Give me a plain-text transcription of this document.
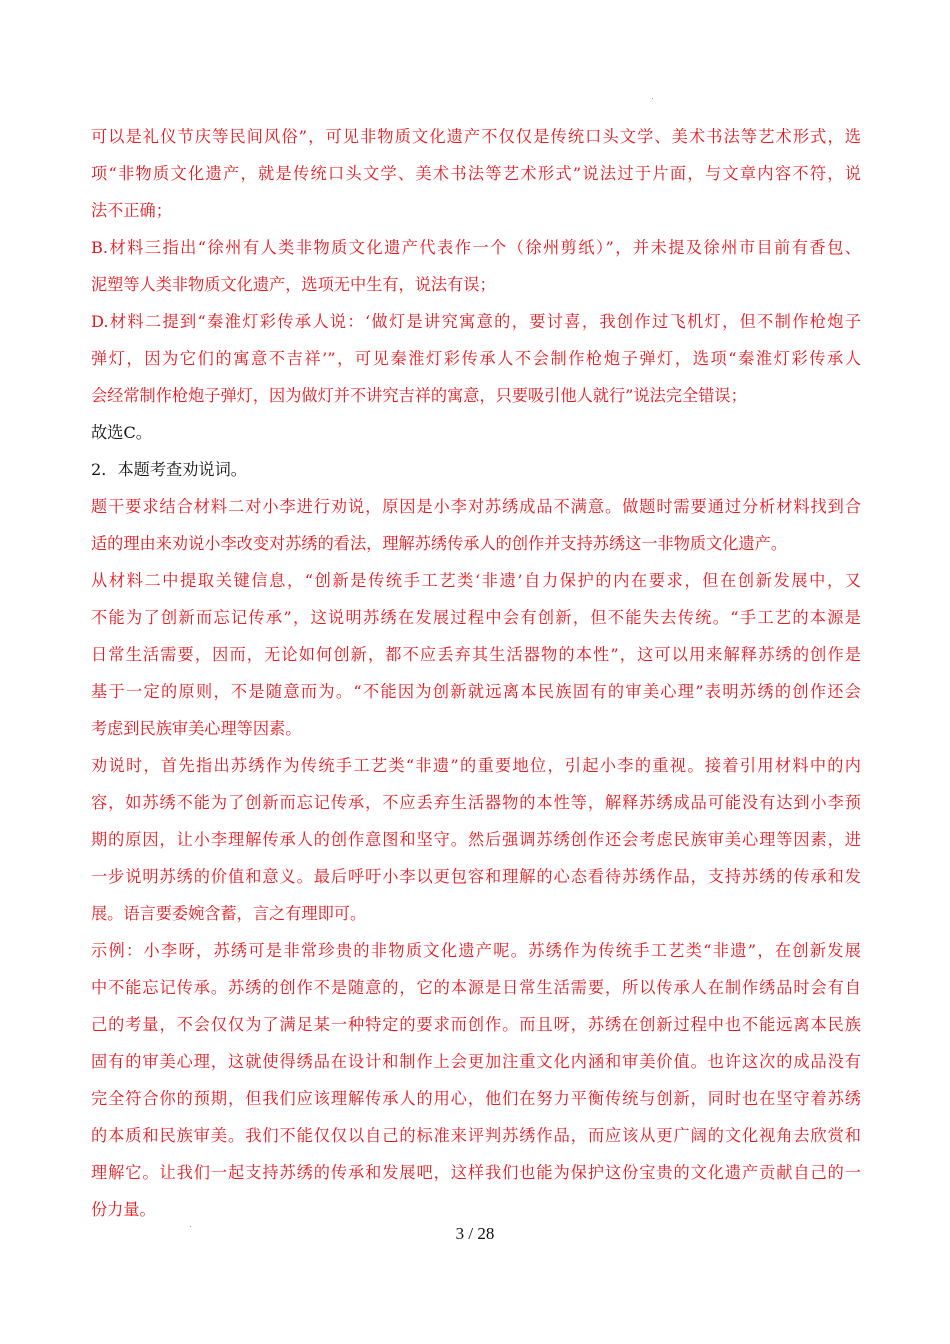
可以是礼仪节庆等民间风俗”，可见非物质文化遗产不仅仅是传统口头文学、美术书法等艺术形式，选
项“非物质文化遗产，就是传统口头文学、美术书法等艺术形式”说法过于片面，与文章内容不符，说
法不正确；
B.材料三指出“徐州有人类非物质文化遗产代表作一个（徐州剪纸）”，并未提及徐州市目前有香包、
泥塑等人类非物质文化遗产，选项无中生有，说法有误；
D.材料二提到“秦淮灯彩传承人说：‘做灯是讲究寓意的，要讨喜，我创作过飞机灯，但不制作枪炮子
弹灯，因为它们的寓意不吉祥’”，可见秦淮灯彩传承人不会制作枪炮子弹灯，选项“秦淮灯彩传承人
会经常制作枪炮子弹灯，因为做灯并不讲究吉祥的寓意，只要吸引他人就行”说法完全错误；
故选C。
2．本题考查劝说词。
题干要求结合材料二对小李进行劝说，原因是小李对苏绣成品不满意。做题时需要通过分析材料找到合
适的理由来劝说小李改变对苏绣的看法，理解苏绣传承人的创作并支持苏绣这一非物质文化遗产。
从材料二中提取关键信息，“创新是传统手工艺类‘非遗’自力保护的内在要求，但在创新发展中，又
不能为了创新而忘记传承”，这说明苏绣在发展过程中会有创新，但不能失去传统。“手工艺的本源是
日常生活需要，因而，无论如何创新，都不应丢弃其生活器物的本性”，这可以用来解释苏绣的创作是
基于一定的原则，不是随意而为。“不能因为创新就远离本民族固有的审美心理”表明苏绣的创作还会
考虑到民族审美心理等因素。
劝说时，首先指出苏绣作为传统手工艺类“非遗”的重要地位，引起小李的重视。接着引用材料中的内
容，如苏绣不能为了创新而忘记传承，不应丢弃生活器物的本性等，解释苏绣成品可能没有达到小李预
期的原因，让小李理解传承人的创作意图和坚守。然后强调苏绣创作还会考虑民族审美心理等因素，进
一步说明苏绣的价值和意义。最后呼吁小李以更包容和理解的心态看待苏绣作品，支持苏绣的传承和发
展。语言要委婉含蓄，言之有理即可。
示例：小李呀，苏绣可是非常珍贵的非物质文化遗产呢。苏绣作为传统手工艺类“非遗”，在创新发展
中不能忘记传承。苏绣的创作不是随意的，它的本源是日常生活需要，所以传承人在制作绣品时会有自
己的考量，不会仅仅为了满足某一种特定的要求而创作。而且呀，苏绣在创新过程中也不能远离本民族
固有的审美心理，这就使得绣品在设计和制作上会更加注重文化内涵和审美价值。也许这次的成品没有
完全符合你的预期，但我们应该理解传承人的用心，他们在努力平衡传统与创新，同时也在坚守着苏绣
的本质和民族审美。我们不能仅仅以自己的标准来评判苏绣作品，而应该从更广阔的文化视角去欣赏和
理解它。让我们一起支持苏绣的传承和发展吧，这样我们也能为保护这份宝贵的文化遗产贡献自己的一
份力量。
3 / 28
